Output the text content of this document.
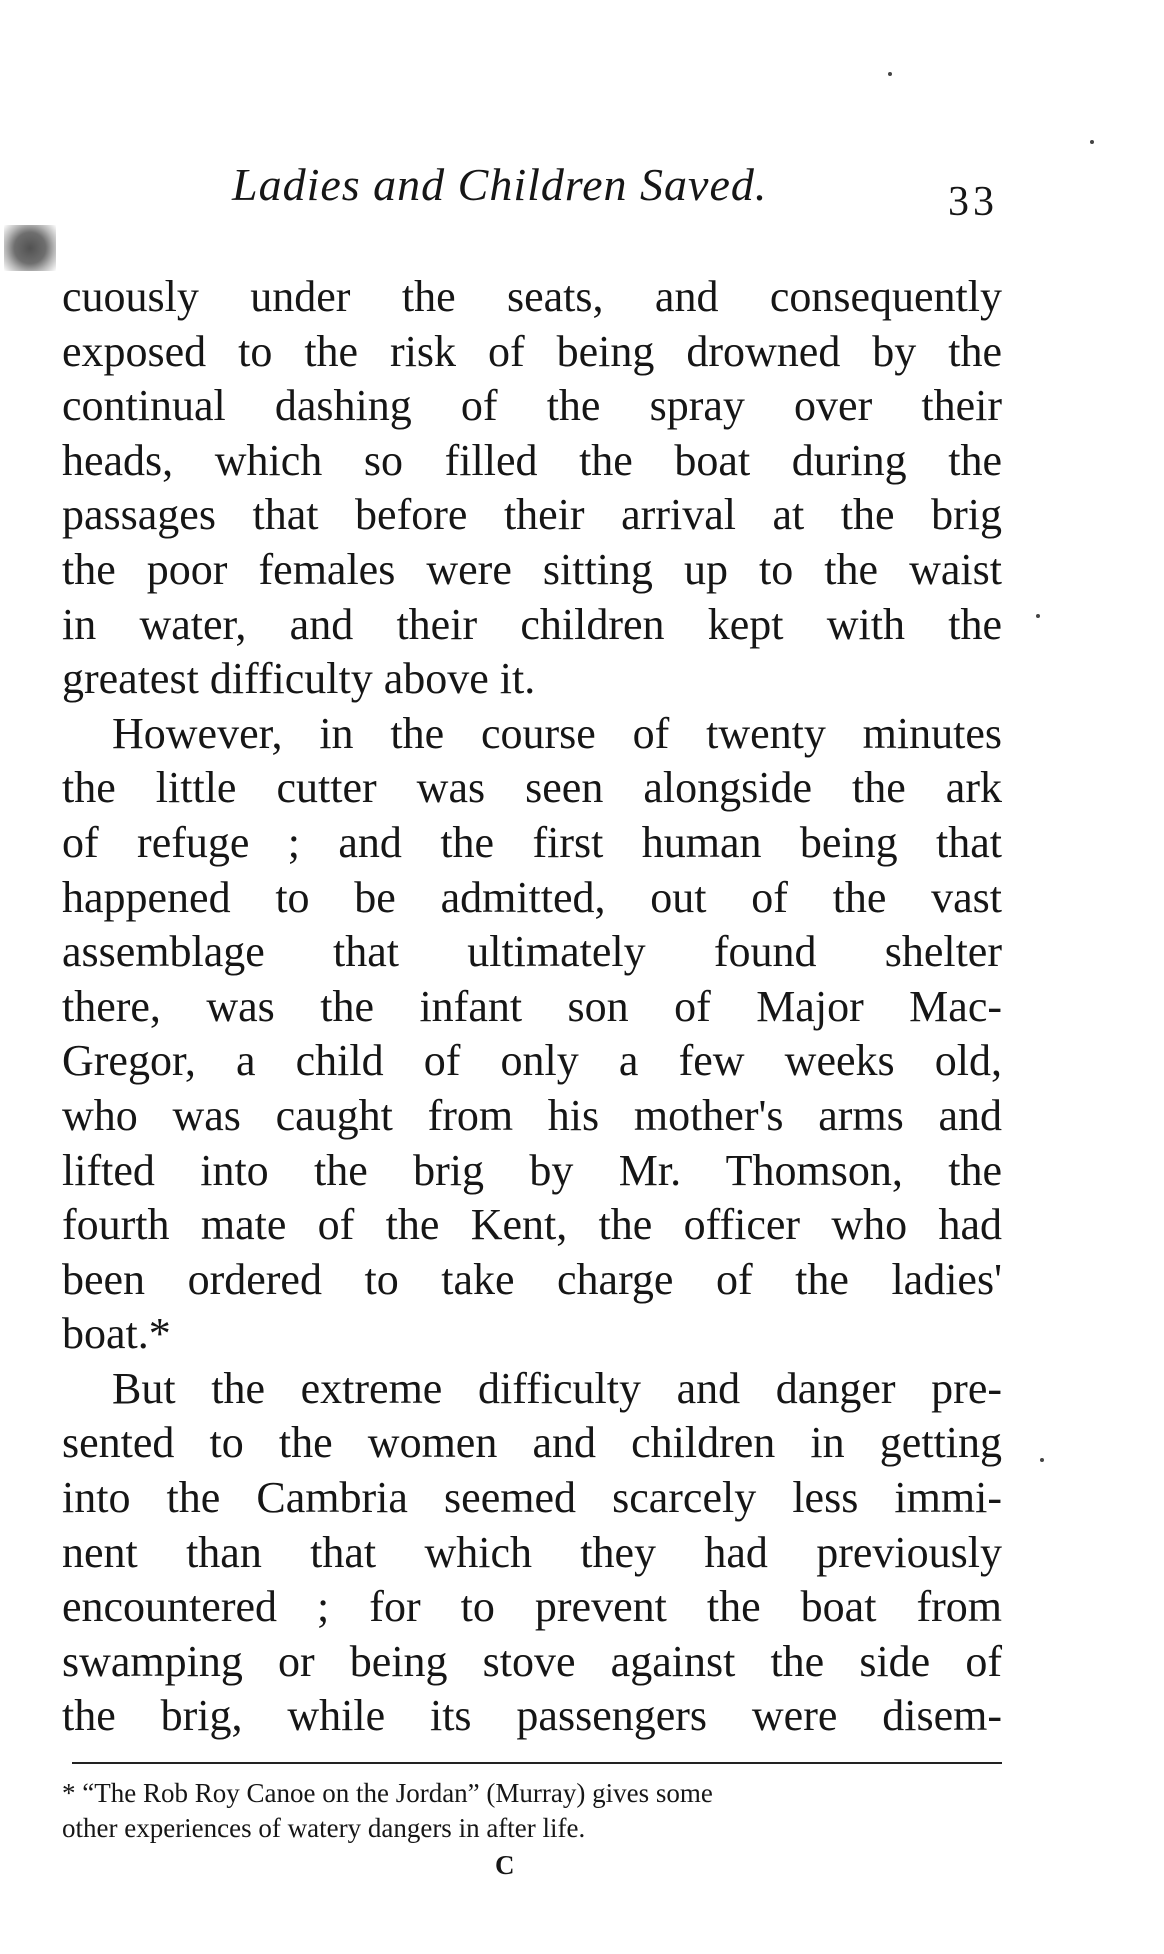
Ladies and Children Saved.	33
cuously under the seats, and consequently
exposed to the risk of being drowned by the
continual dashing of the spray over their
heads, which so filled the boat during the
passages that before their arrival at the brig
the poor females were sitting up to the waist
in water, and their children kept with the
greatest difficulty above it.
However, in the course of twenty minutes
the little cutter was seen alongside the ark
of refuge ; and the first human being that
happened to be admitted, out of the vast
assemblage that ultimately found shelter
there, was the infant son of Major Mac-
Gregor, a child of only a few weeks old,
who was caught from his mother's arms and
lifted into the brig by Mr. Thomson, the
fourth mate of the Kent, the officer who had
been ordered to take charge of the ladies'
boat.*
But the extreme difficulty and danger pre-
sented to the women and children in getting
into the Cambria seemed scarcely less immi-
nent than that which they had previously
encountered ; for to prevent the boat from
swamping or being stove against the side of
the brig, while its passengers were disem-
* “The Rob Roy Canoe on the Jordan” (Murray) gives some
other experiences of watery dangers in after life.
C
